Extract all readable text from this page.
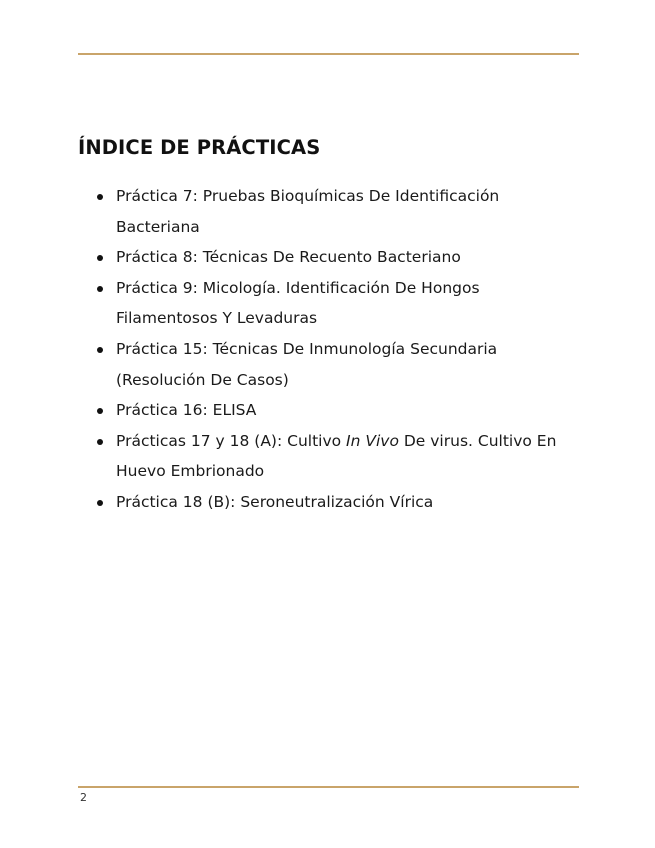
ÍNDICE DE PRÁCTICAS
Práctica 7: Pruebas Bioquímicas De Identificación Bacteriana
Práctica 8: Técnicas De Recuento Bacteriano
Práctica 9: Micología. Identificación De Hongos Filamentosos Y Levaduras
Práctica 15: Técnicas De Inmunología Secundaria (Resolución De Casos)
Práctica 16: ELISA
Prácticas 17 y 18 (A): Cultivo In Vivo De virus. Cultivo En Huevo Embrionado
Práctica 18 (B): Seroneutralización Vírica
2
